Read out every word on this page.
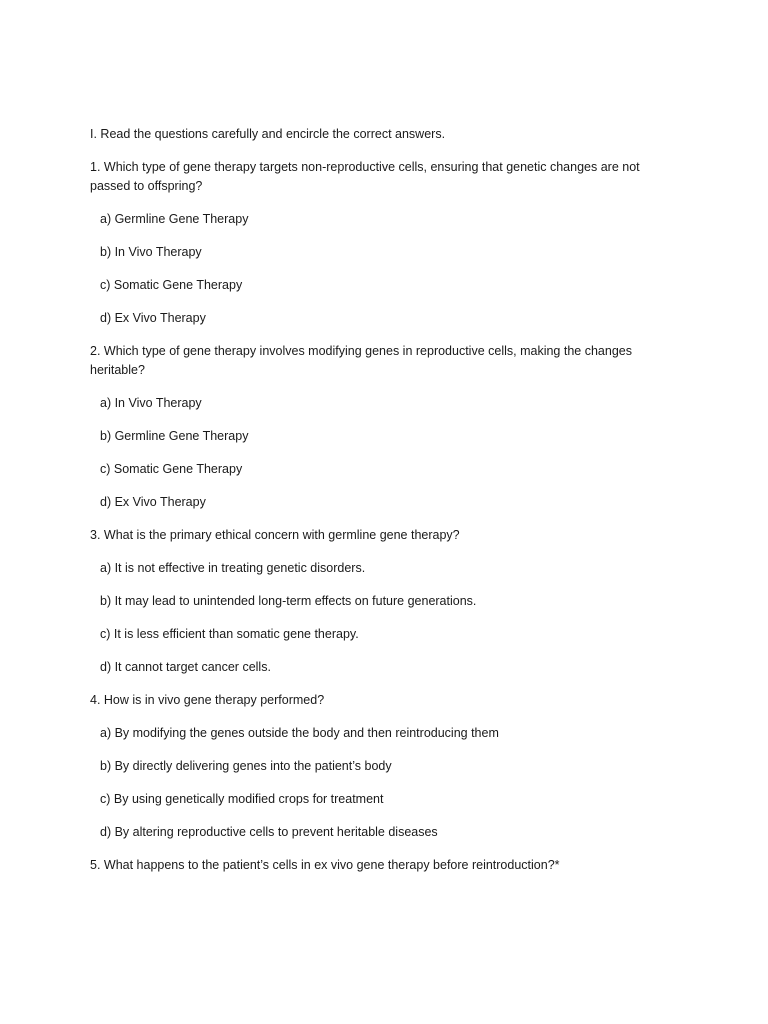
I. Read the questions carefully and encircle the correct answers.

1. Which type of gene therapy targets non-reproductive cells, ensuring that genetic changes are not passed to offspring?

a) Germline Gene Therapy

b) In Vivo Therapy

c) Somatic Gene Therapy

d) Ex Vivo Therapy

2. Which type of gene therapy involves modifying genes in reproductive cells, making the changes heritable?

a) In Vivo Therapy

b) Germline Gene Therapy

c) Somatic Gene Therapy

d) Ex Vivo Therapy

3. What is the primary ethical concern with germline gene therapy?

a) It is not effective in treating genetic disorders.

b) It may lead to unintended long-term effects on future generations.

c) It is less efficient than somatic gene therapy.

d) It cannot target cancer cells.

4. How is in vivo gene therapy performed?

a) By modifying the genes outside the body and then reintroducing them

b) By directly delivering genes into the patient’s body

c) By using genetically modified crops for treatment

d) By altering reproductive cells to prevent heritable diseases

5. What happens to the patient’s cells in ex vivo gene therapy before reintroduction?*
